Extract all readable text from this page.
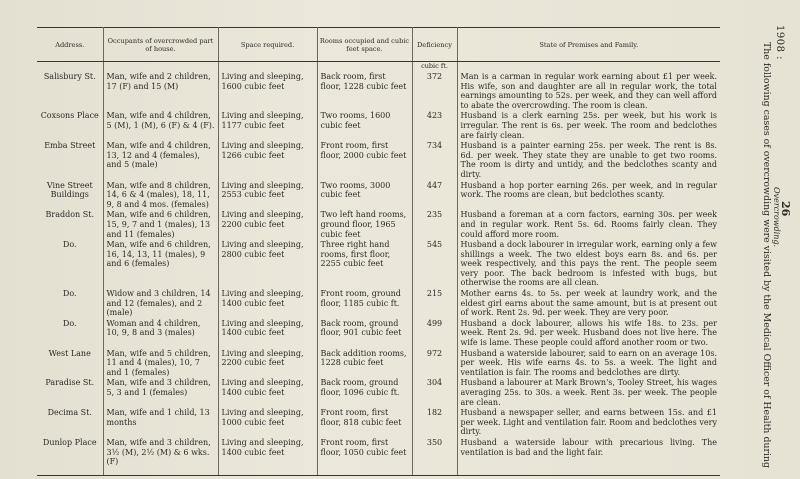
Address.	Occupants of overcrowded part of house.	Space required.	Rooms occupied and cubic feet space.	Deficiency	State of Premises and Family.
				cubic ft.	
Salisbury St.	Man, wife and 2 children, 17 (F) and 15 (M)	Living and sleeping, 1600 cubic feet	Back room, first floor, 1228 cubic feet	372	Man is a carman in regular work earning about £1 per week. His wife, son and daughter are all in regular work, the total earnings amounting to 52s. per week, and they can well afford to abate the overcrowding. The room is clean.
Coxsons Place	Man, wife and 4 children, 5 (M), 1 (M), 6 (F) & 4 (F).	Living and sleeping, 1177 cubic feet	Two rooms, 1600 cubic feet	423	Husband is a clerk earning 25s. per week, but his work is irregular. The rent is 6s. per week. The room and bedclothes are fairly clean.
Emba Street	Man, wife and 4 children, 13, 12 and 4 (females), and 5 (male)	Living and sleeping, 1266 cubic feet	Front room, first floor, 2000 cubic feet	734	Husband is a painter earning 25s. per week. The rent is 8s. 6d. per week. They state they are unable to get two rooms. The room is dirty and untidy, and the bedclothes scanty and dirty.
Vine Street Buildings	Man, wife and 8 children, 14, 6 & 4 (males), 18, 11, 9, 8 and 4 mos. (females)	Living and sleeping, 2553 cubic feet	Two rooms, 3000 cubic feet	447	Husband a hop porter earning 26s. per week, and in regular work. The rooms are clean, but bedclothes scanty.
Braddon St.	Man, wife and 6 children, 15, 9, 7 and 1 (males), 13 and 11 (females)	Living and sleeping, 2200 cubic feet	Two left hand rooms, ground floor, 1965 cubic feet	235	Husband a foreman at a corn factors, earning 30s. per week and in regular work. Rent 5s. 6d. Rooms fairly clean. They could afford more room.
Do.	Man, wife and 6 children, 16, 14, 13, 11 (males), 9 and 6 (females)	Living and sleeping, 2800 cubic feet	Three right hand rooms, first floor, 2255 cubic feet	545	Husband a dock labourer in irregular work, earning only a few shillings a week. The two eldest boys earn 8s. and 6s. per week respectively, and this pays the rent. The people seem very poor. The back bedroom is infested with bugs, but otherwise the rooms are all clean.
Do.	Widow and 3 children, 14 and 12 (females), and 2 (male)	Living and sleeping, 1400 cubic feet	Front room, ground floor, 1185 cubic ft.	215	Mother earns 4s. to 5s. per week at laundry work, and the eldest girl earns about the same amount, but is at present out of work. Rent 2s. 9d. per week. They are very poor.
Do.	Woman and 4 children, 10, 9, 8 and 3 (males)	Living and sleeping, 1400 cubic feet	Back room, ground floor, 901 cubic feet	499	Husband a dock labourer, allows his wife 18s. to 23s. per week. Rent 2s. 9d. per week. Husband does not live here. The wife is lame. These people could afford another room or two.
West Lane	Man, wife and 5 children, 11 and 4 (males), 10, 7 and 1 (females)	Living and sleeping, 2200 cubic feet	Back addition rooms, 1228 cubic feet	972	Husband a waterside labourer, said to earn on an average 10s. per week. His wife earns 4s. to 5s. a week. The light and ventilation is fair. The rooms and bedclothes are dirty.
Paradise St.	Man, wife and 3 children, 5, 3 and 1 (females)	Living and sleeping, 1400 cubic feet	Back room, ground floor, 1096 cubic ft.	304	Husband a labourer at Mark Brown's, Tooley Street, his wages averaging 25s. to 30s. a week. Rent 3s. per week. The people are clean.
Decima St.	Man, wife and 1 child, 13 months	Living and sleeping, 1000 cubic feet	Front room, first floor, 818 cubic feet	182	Husband a newspaper seller, and earns between 15s. and £1 per week. Light and ventilation fair. Room and bedclothes very dirty.
Dunlop Place	Man, wife and 3 children, 3½ (M), 2½ (M) & 6 wks. (F)	Living and sleeping, 1400 cubic feet	Front room, first floor, 1050 cubic feet	350	Husband a waterside labour with precarious living. The ventilation is bad and the light fair.
1908 :
The following cases of overcrowding were visited by the Medical Officer of Health during 26
Overcrowding.
